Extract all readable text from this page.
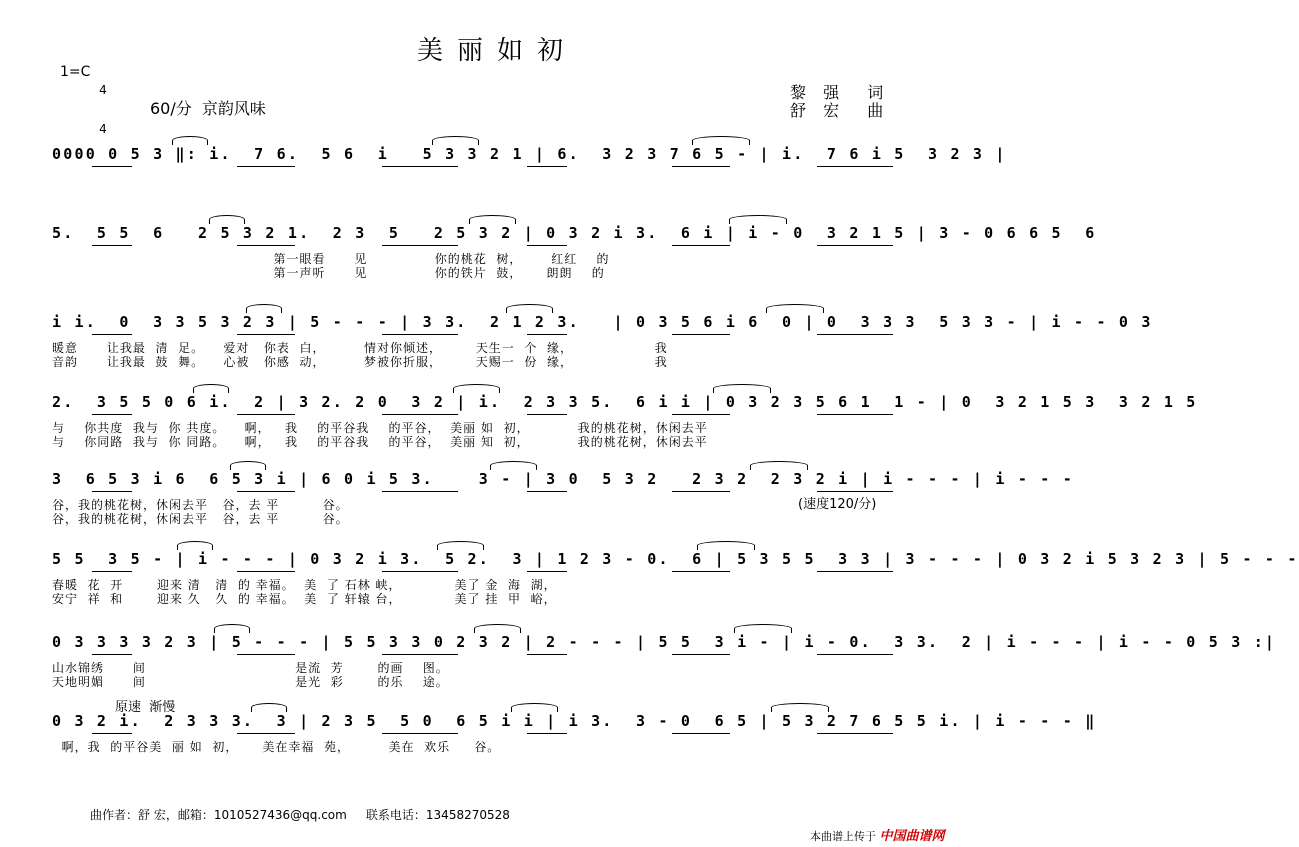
美丽如初
1=C

4

4

60/分  京韵风味
黎 强  词
舒 宏  曲
0000 0 5 3 ‖: i.  7 6.  5 6  i   5 3 3 2 1 | 6.  3 2 3 7 6 5 - | i.  7 6 i 5  3 2 3 |
5.  5 5  6   2 5 3 2 1.  2 3  5   2 5 3 2 | 0 3 2 i 3.  6 i | i - 0  3 2 1 5 | 3 - 0 6 6 5  6
第一眼看      见              你的桃花  树，      红红    的
第一声听      见              你的铁片  鼓，     朗朗    的
i i.  0  3 3 5 3 2 3 | 5 - - - | 3 3.  2 1 2 3.   | 0 3 5 6 i 6  0 | 0  3 3 3  5 3 3 - | i - - 0 3
暖意      让我最  清  足。    爱对   你表  白，        情对你倾述，       天生一  个  缘，                 我
音韵      让我最  鼓  舞。    心被   你感  动，        梦被你折服，       天赐一  份  缘，                 我
2.  3 5 5 0 6 i.  2 | 3 2. 2 0  3 2 | i.  2 3 3 5.  6 i i | 0 3 2 3 5 6 1  1 - | 0  3 2 1 5 3  3 2 1 5
与    你共度  我与  你 共度。    啊，   我    的平谷我    的平谷，  美丽 如  初，          我的桃花树，休闲去平
与    你同路  我与  你 同路。    啊，   我    的平谷我    的平谷，  美丽 知  初，          我的桃花树，休闲去平
3  6 5 3 i 6  6 5 3 i | 6 0 i 5 3.    3 - | 3 0  5 3 2   2 3 2  2 3 2 i | i - - - | i - - -
谷，我的桃花树，休闲去平   谷，去 平         谷。
谷，我的桃花树，休闲去平   谷，去 平         谷。
5 5  3 5 - | i - - - | 0 3 2 i 3.  5 2.  3 | 1 2 3 - 0.  6 | 5 3 5 5  3 3 | 3 - - - | 0 3 2 i 5 3 2 3 | 5 - - -
春暖  花  开       迎来 清   清  的 幸福。  美  了 石林 峡，           美了 金  海  湖，
安宁  祥  和       迎来 久   久  的 幸福。  美  了 轩辕 台，           美了 挂  甲  峪，
0 3 3 3 3 2 3 | 5 - - - | 5 5 3 3 0 2 3 2 | 2 - - - | 5 5  3 i - | i - 0.  3 3.  2 | i - - - | i - - 0 5 3 :|
山水锦绣      间                               是流  芳       的画    图。
天地明媚      间                               是光  彩       的乐    途。
0 3 2 i.  2 3 3 3.  3 | 2 3 5  5 0  6 5 i i | i 3.  3 - 0  6 5 | 5 3 2 7 6 5 5 i. | i - - - ‖
啊，我  的平谷美  丽 如  初，     美在幸福  苑，        美在  欢乐     谷。
(速度120/分)
原速  渐慢
曲作者：舒 宏，邮箱：1010527436@qq.com     联系电话：13458270528
本曲谱上传于 中国曲谱网
